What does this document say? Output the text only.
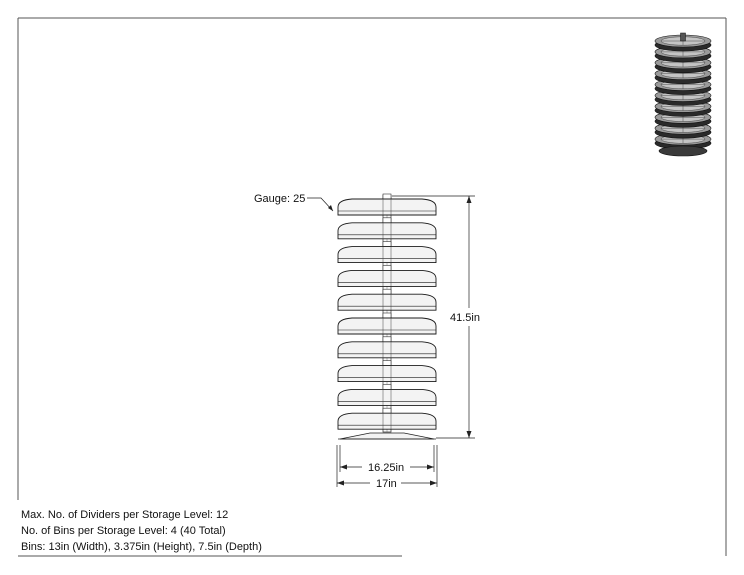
Gauge: 25
41.5in
16.25in
17in
Max. No. of Dividers per Storage Level: 12
No. of Bins per Storage Level: 4 (40 Total)
Bins: 13in (Width), 3.375in (Height), 7.5in (Depth)
